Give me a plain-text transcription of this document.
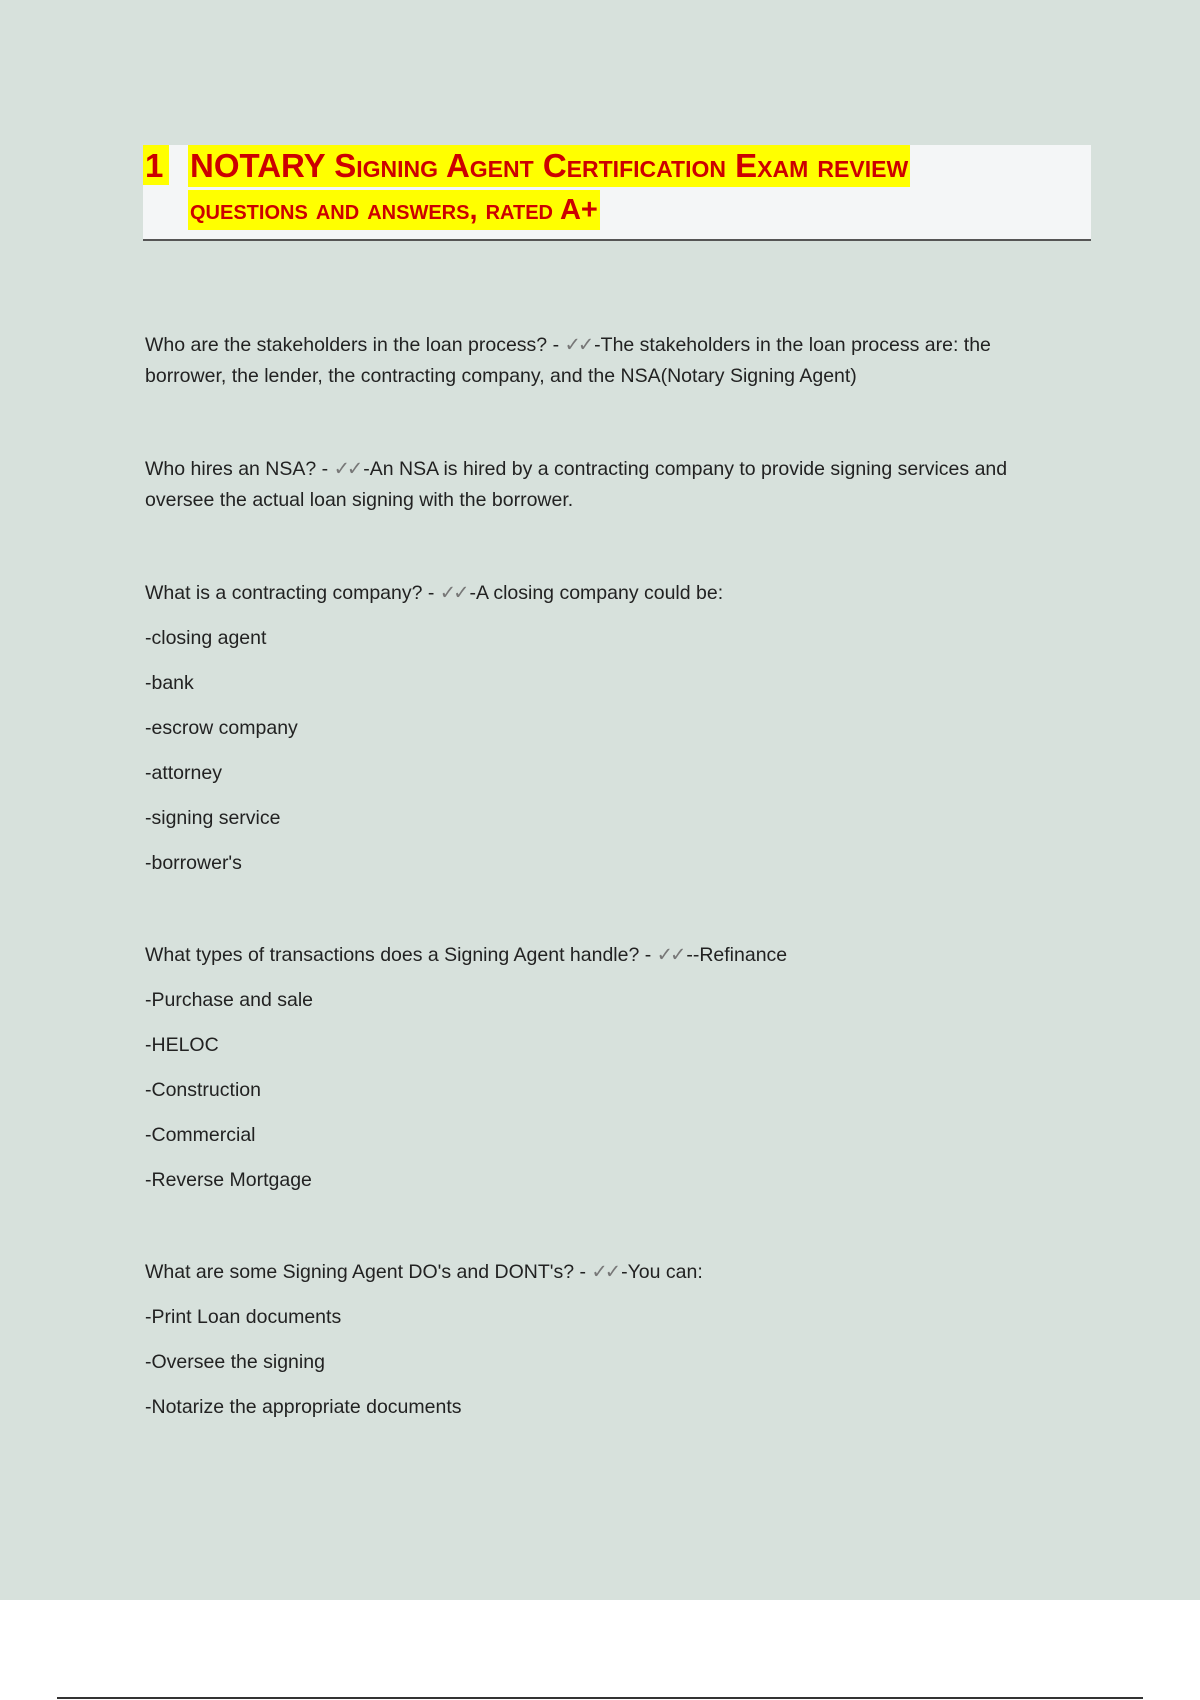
1 NOTARY Signing Agent Certification Exam review
questions and answers, rated A+

Who are the stakeholders in the loan process? - ✓✓ -The stakeholders in the loan process are: the borrower, the lender, the contracting company, and the NSA(Notary Signing Agent)

Who hires an NSA? - ✓✓ -An NSA is hired by a contracting company to provide signing services and oversee the actual loan signing with the borrower.

What is a contracting company? - ✓✓ -A closing company could be:

-closing agent
-bank
-escrow company
-attorney
-signing service
-borrower's

What types of transactions does a Signing Agent handle? - ✓✓ --Refinance

-Purchase and sale
-HELOC
-Construction
-Commercial
-Reverse Mortgage

What are some Signing Agent DO's and DONT's? - ✓✓ -You can:

-Print Loan documents
-Oversee the signing
-Notarize the appropriate documents
